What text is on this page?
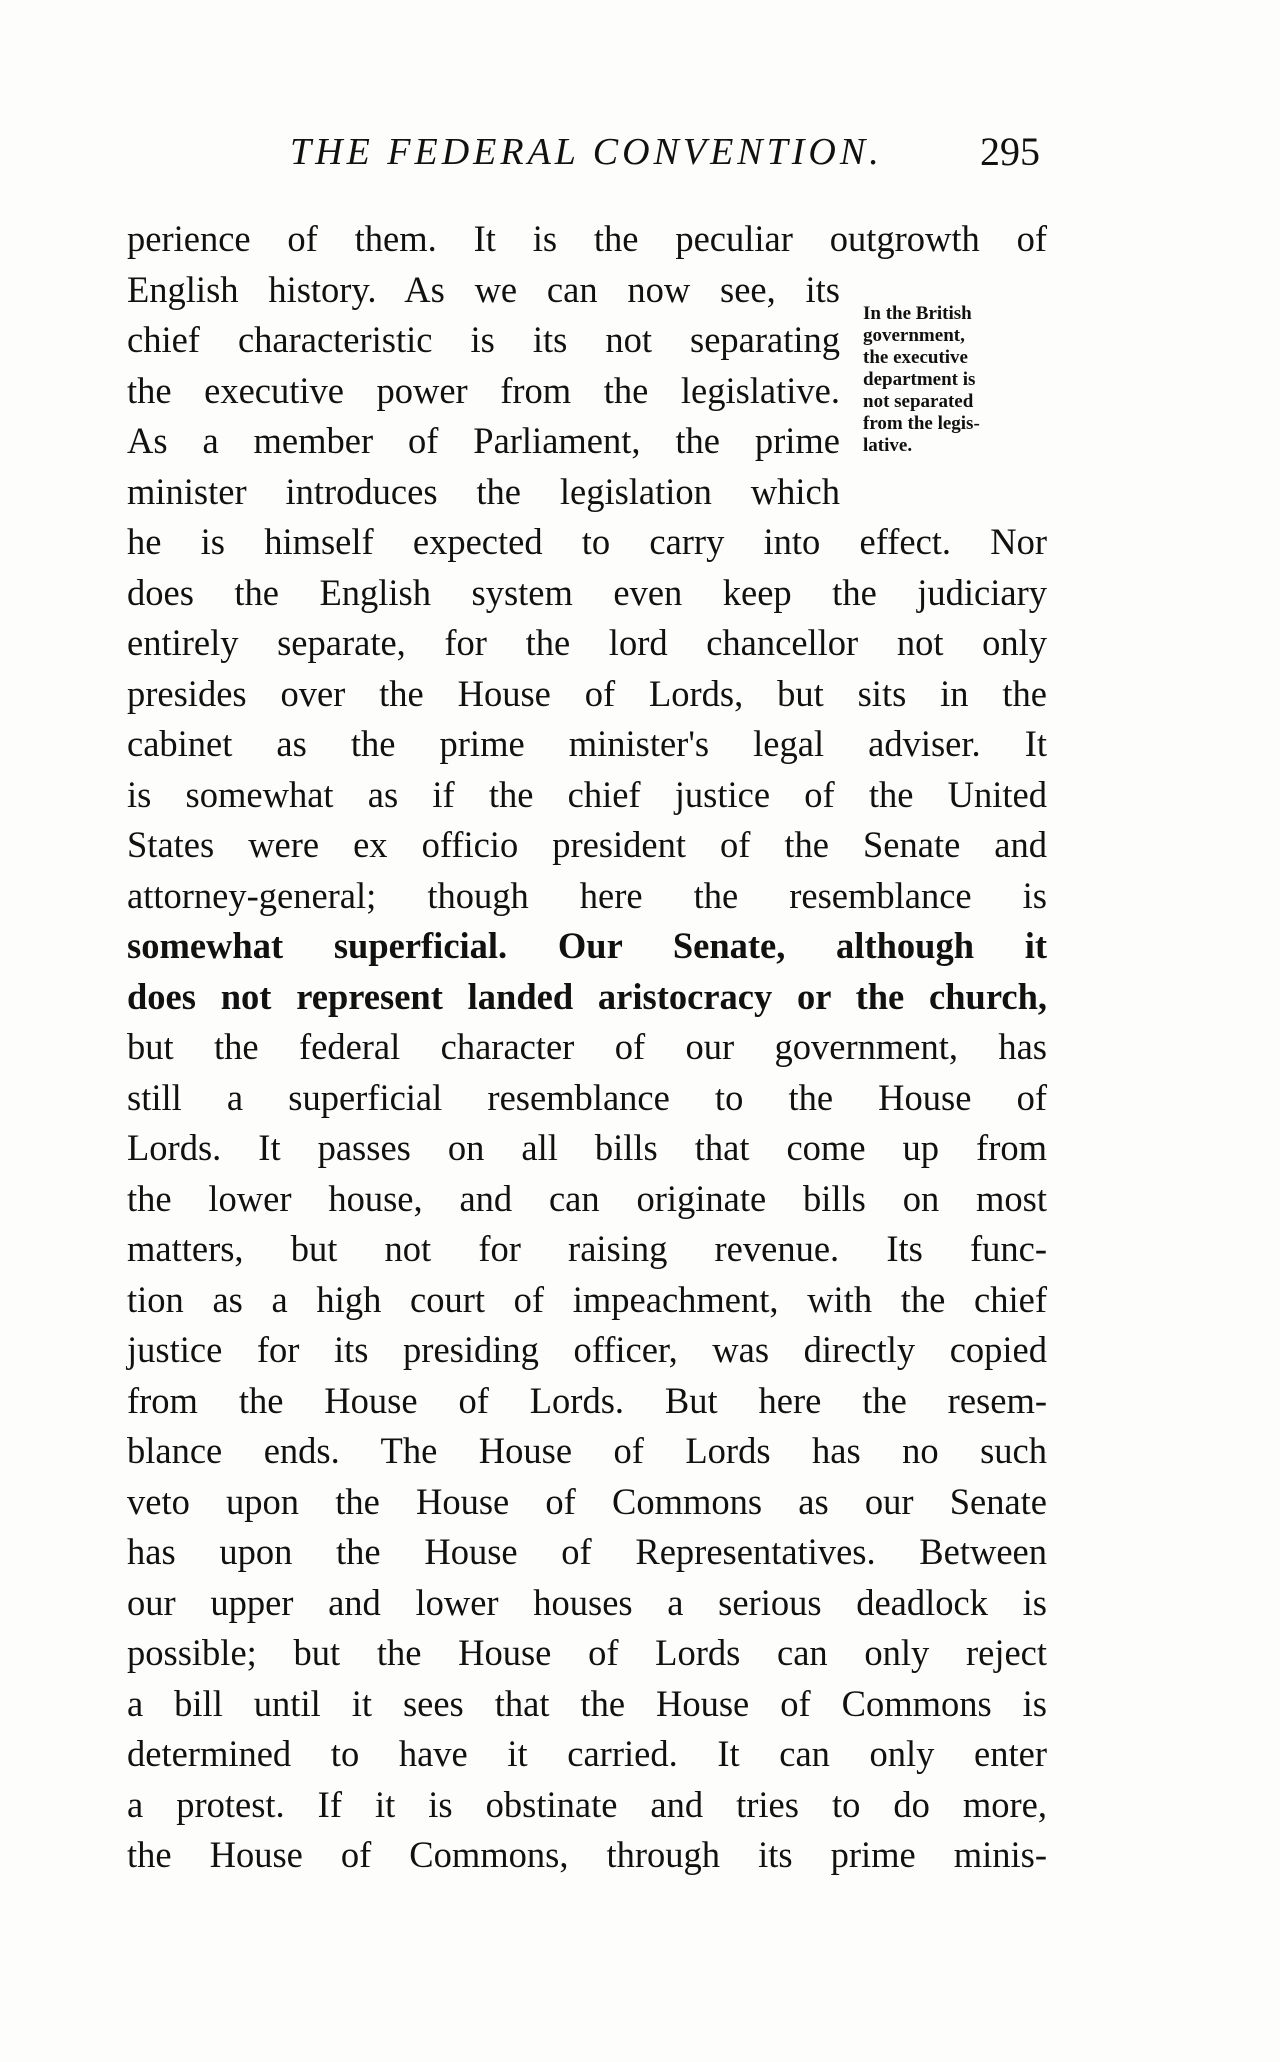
THE FEDERAL CONVENTION. 295
perience of them. It is the peculiar outgrowth of
English history. As we can now see, its
chief characteristic is its not separating
the executive power from the legislative.
As a member of Parliament, the prime
minister introduces the legislation which
he is himself expected to carry into effect. Nor
does the English system even keep the judiciary
entirely separate, for the lord chancellor not only
presides over the House of Lords, but sits in the
cabinet as the prime minister's legal adviser. It
is somewhat as if the chief justice of the United
States were ex officio president of the Senate and
attorney-general; though here the resemblance is
somewhat superficial. Our Senate, although it
does not represent landed aristocracy or the church,
but the federal character of our government, has
still a superficial resemblance to the House of
Lords. It passes on all bills that come up from
the lower house, and can originate bills on most
matters, but not for raising revenue. Its func-
tion as a high court of impeachment, with the chief
justice for its presiding officer, was directly copied
from the House of Lords. But here the resem-
blance ends. The House of Lords has no such
veto upon the House of Commons as our Senate
has upon the House of Representatives. Between
our upper and lower houses a serious deadlock is
possible; but the House of Lords can only reject
a bill until it sees that the House of Commons is
determined to have it carried. It can only enter
a protest. If it is obstinate and tries to do more,
the House of Commons, through its prime minis-
In the British
government,
the executive
department is
not separated
from the legis-
lative.
